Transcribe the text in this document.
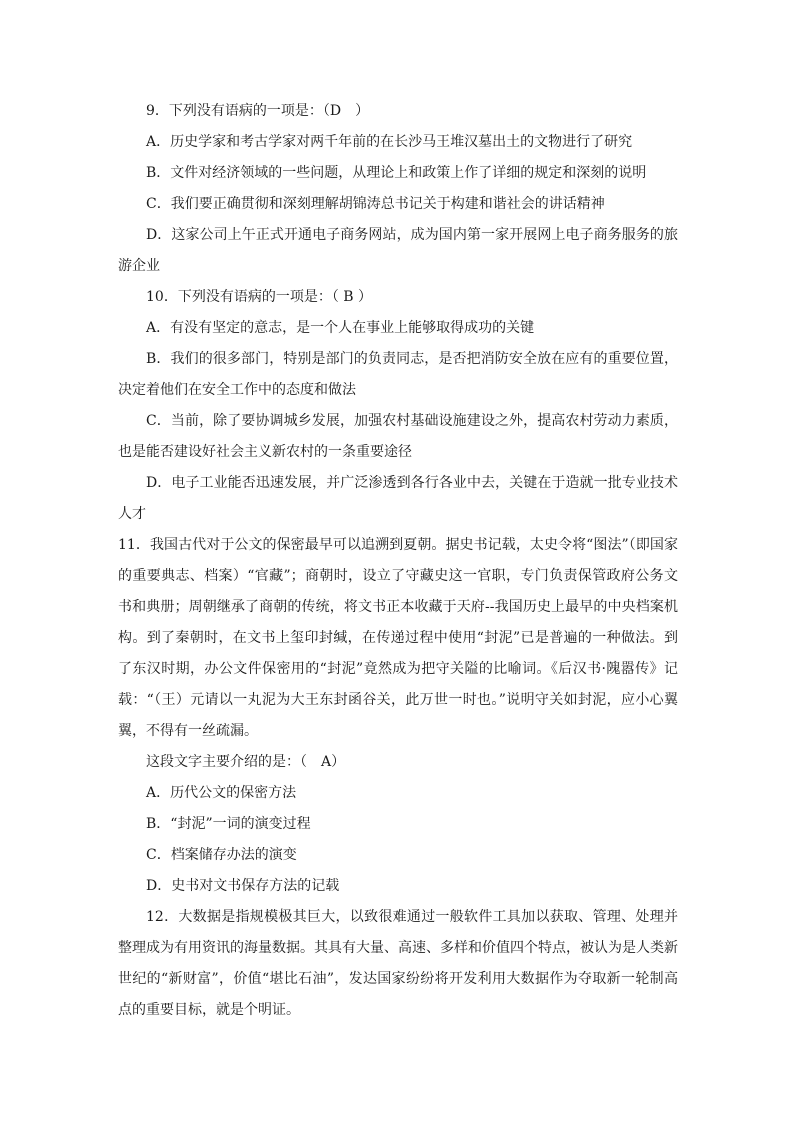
9．下列没有语病的一项是：（D　）

A．历史学家和考古学家对两千年前的在长沙马王堆汉墓出土的文物进行了研究

B．文件对经济领域的一些问题，从理论上和政策上作了详细的规定和深刻的说明

C．我们要正确贯彻和深刻理解胡锦涛总书记关于构建和谐社会的讲话精神

D．这家公司上午正式开通电子商务网站，成为国内第一家开展网上电子商务服务的旅游企业

10．下列没有语病的一项是：（ B ）

A．有没有坚定的意志，是一个人在事业上能够取得成功的关键

B．我们的很多部门，特别是部门的负责同志，是否把消防安全放在应有的重要位置，决定着他们在安全工作中的态度和做法

C．当前，除了要协调城乡发展，加强农村基础设施建设之外，提高农村劳动力素质，也是能否建设好社会主义新农村的一条重要途径

D．电子工业能否迅速发展，并广泛渗透到各行各业中去，关键在于造就一批专业技术人才

11．我国古代对于公文的保密最早可以追溯到夏朝。据史书记载，太史令将“图法”（即国家的重要典志、档案）“官藏”；商朝时，设立了守藏史这一官职，专门负责保管政府公务文书和典册；周朝继承了商朝的传统，将文书正本收藏于天府--我国历史上最早的中央档案机构。到了秦朝时，在文书上玺印封缄，在传递过程中使用“封泥”已是普遍的一种做法。到了东汉时期，办公文件保密用的“封泥”竟然成为把守关隘的比喻词。《后汉书·隗嚣传》记载：“（王）元请以一丸泥为大王东封函谷关，此万世一时也。”说明守关如封泥，应小心翼翼，不得有一丝疏漏。

这段文字主要介绍的是：（　A）

A．历代公文的保密方法

B．“封泥”一词的演变过程

C．档案储存办法的演变

D．史书对文书保存方法的记载

12．大数据是指规模极其巨大，以致很难通过一般软件工具加以获取、管理、处理并整理成为有用资讯的海量数据。其具有大量、高速、多样和价值四个特点，被认为是人类新世纪的“新财富”，价值“堪比石油”，发达国家纷纷将开发利用大数据作为夺取新一轮制高点的重要目标，就是个明证。
